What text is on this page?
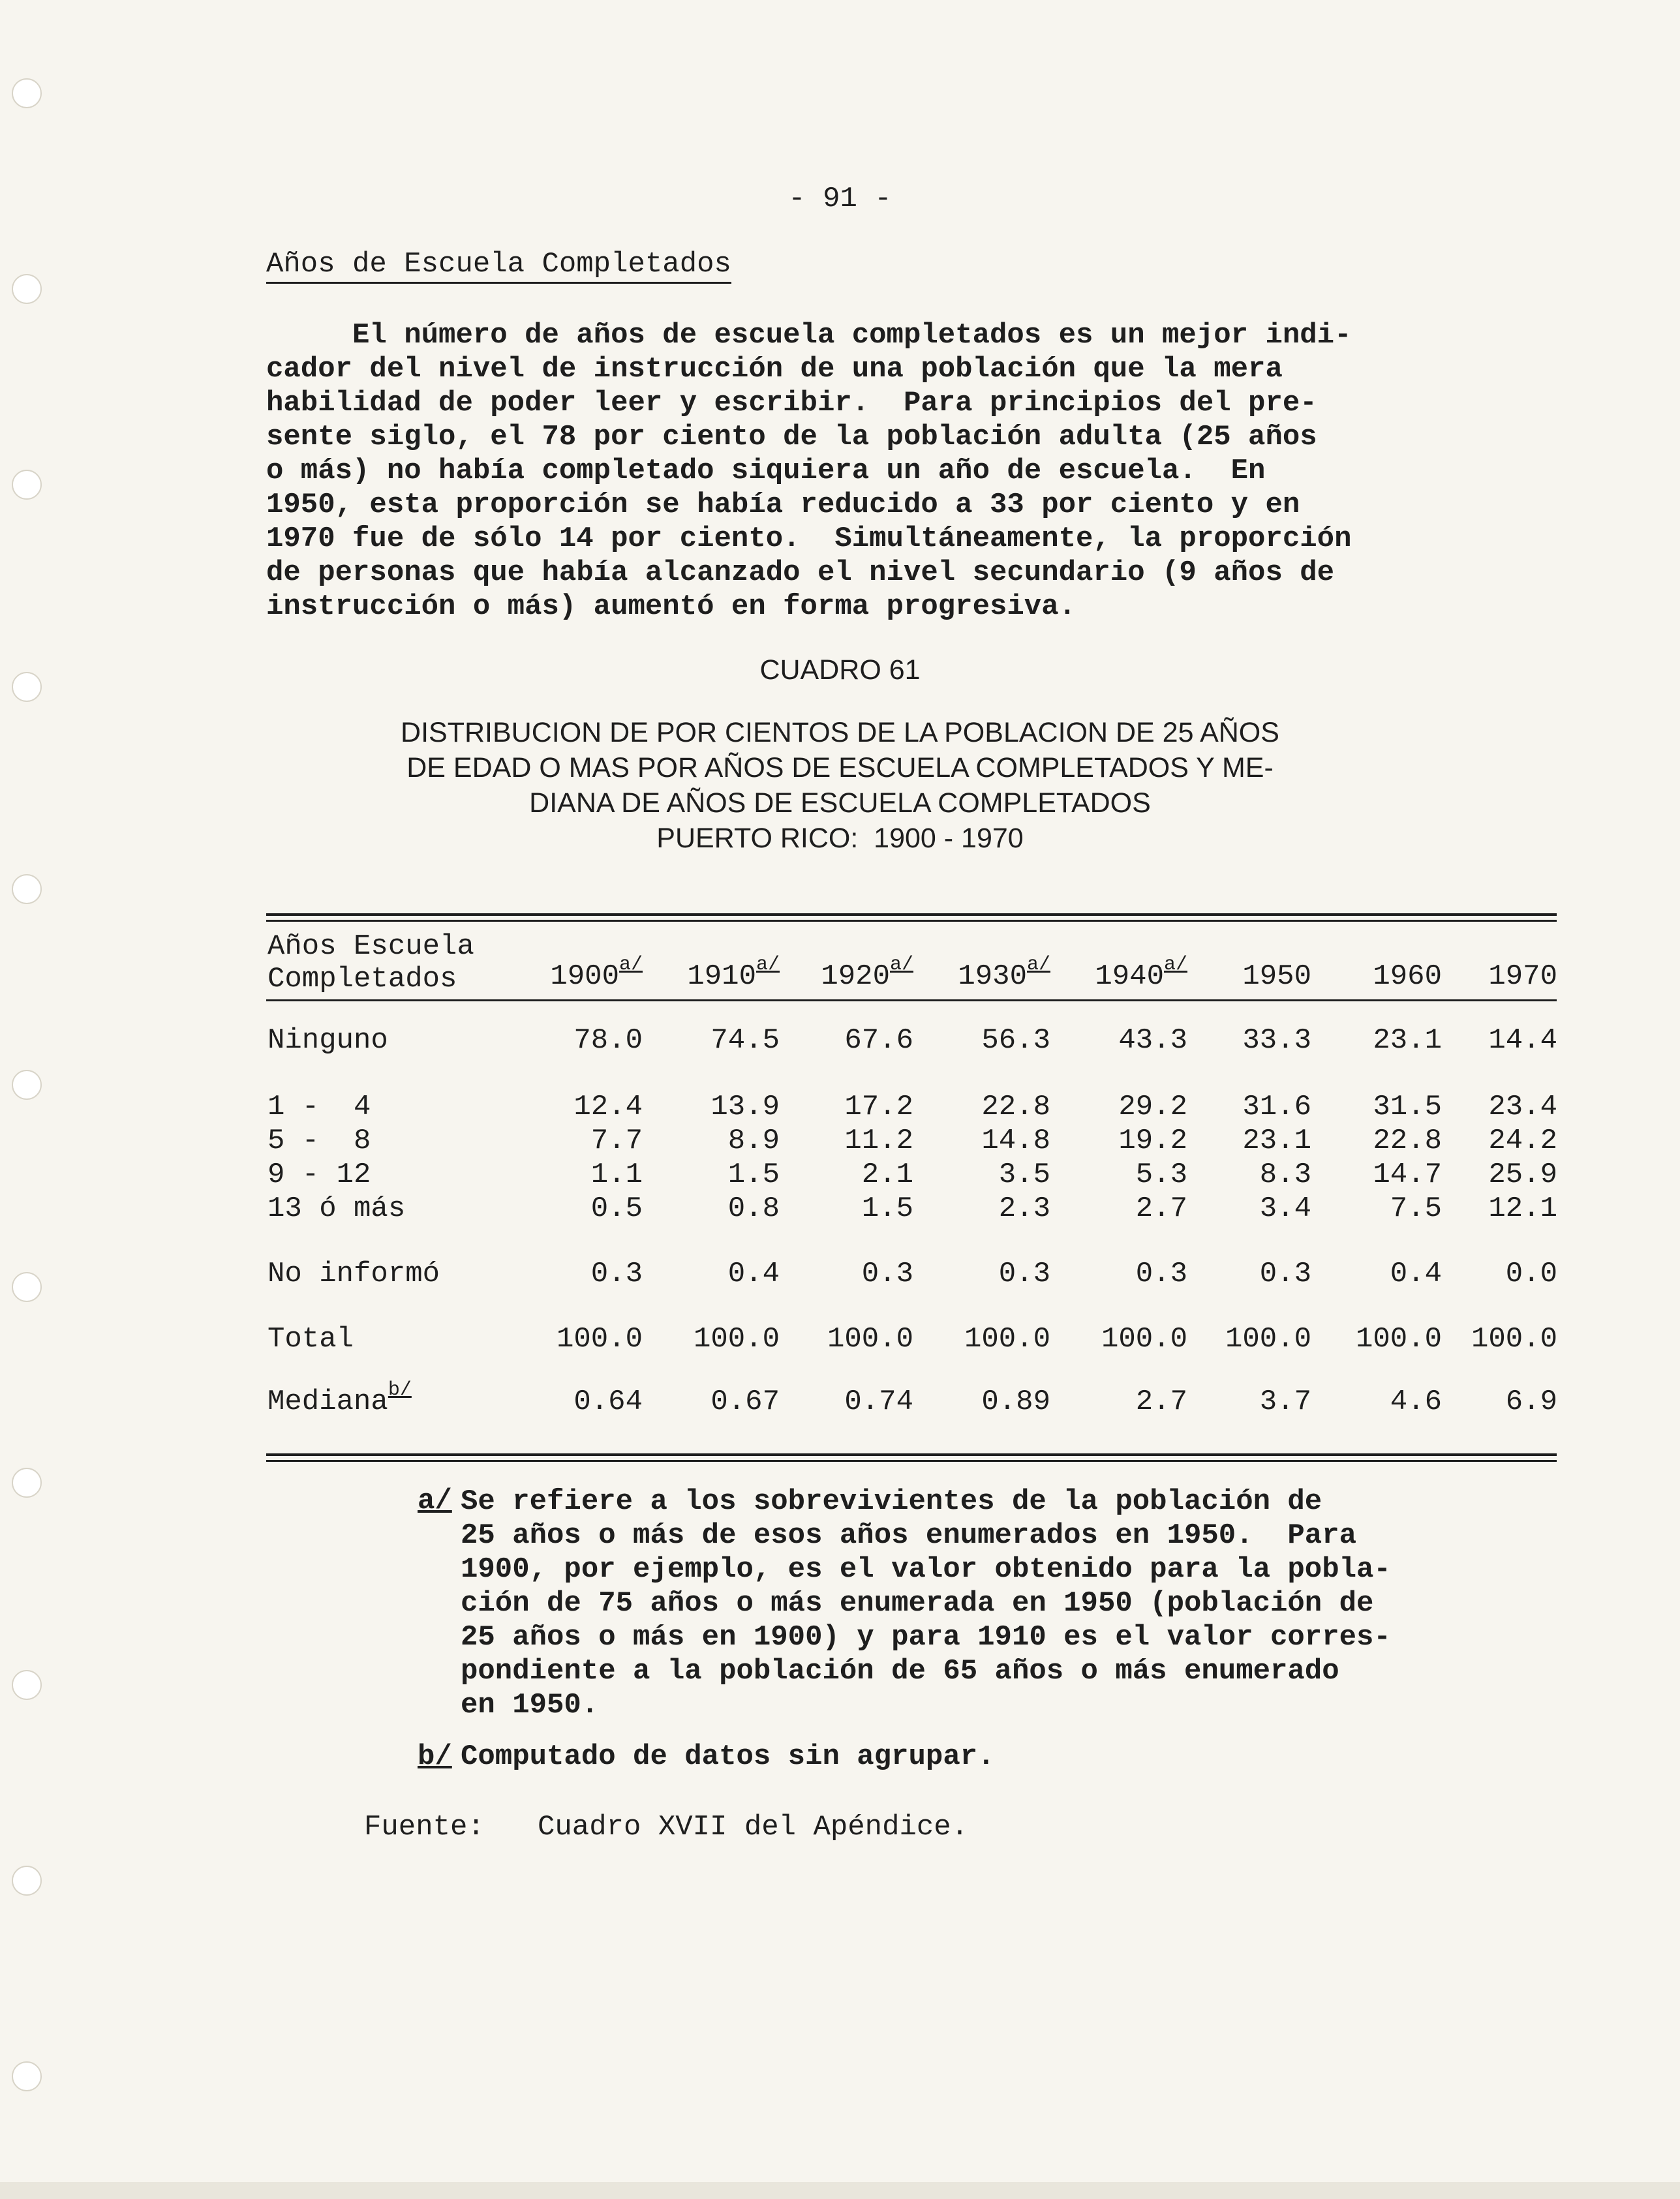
- 91 -
Años de Escuela Completados
El número de años de escuela completados es un mejor indi-
cador del nivel de instrucción de una población que la mera
habilidad de poder leer y escribir.  Para principios del pre-
sente siglo, el 78 por ciento de la población adulta (25 años
o más) no había completado siquiera un año de escuela.  En
1950, esta proporción se había reducido a 33 por ciento y en
1970 fue de sólo 14 por ciento.  Simultáneamente, la proporción
de personas que había alcanzado el nivel secundario (9 años de
instrucción o más) aumentó en forma progresiva.
CUADRO 61
DISTRIBUCION DE POR CIENTOS DE LA POBLACION DE 25 AÑOS
DE EDAD O MAS POR AÑOS DE ESCUELA COMPLETADOS Y ME-
DIANA DE AÑOS DE ESCUELA COMPLETADOS
PUERTO RICO:  1900 - 1970
Años Escuela
Completados	$1900^{a/}$	$1910^{a/}$	$1920^{a/}$	$1930^{a/}$	$1940^{a/}$	1950	1960	1970
Ninguno	78.0	74.5	67.6	56.3	43.3	33.3	23.1	14.4
1 -  4	12.4	13.9	17.2	22.8	29.2	31.6	31.5	23.4
5 -  8	7.7	8.9	11.2	14.8	19.2	23.1	22.8	24.2
9 - 12	1.1	1.5	2.1	3.5	5.3	8.3	14.7	25.9
13 ó más	0.5	0.8	1.5	2.3	2.7	3.4	7.5	12.1
No informó	0.3	0.4	0.3	0.3	0.3	0.3	0.4	0.0
Total	100.0	100.0	100.0	100.0	100.0	100.0	100.0	100.0
Mediana$^{b/}$	0.64	0.67	0.74	0.89	2.7	3.7	4.6	6.9
a/ Se refiere a los sobrevivientes de la población de
25 años o más de esos años enumerados en 1950.  Para
1900, por ejemplo, es el valor obtenido para la pobla-
ción de 75 años o más enumerada en 1950 (población de
25 años o más en 1900) y para 1910 es el valor corres-
pondiente a la población de 65 años o más enumerado
en 1950.
b/ Computado de datos sin agrupar.
Fuente: Cuadro XVII del Apéndice.
